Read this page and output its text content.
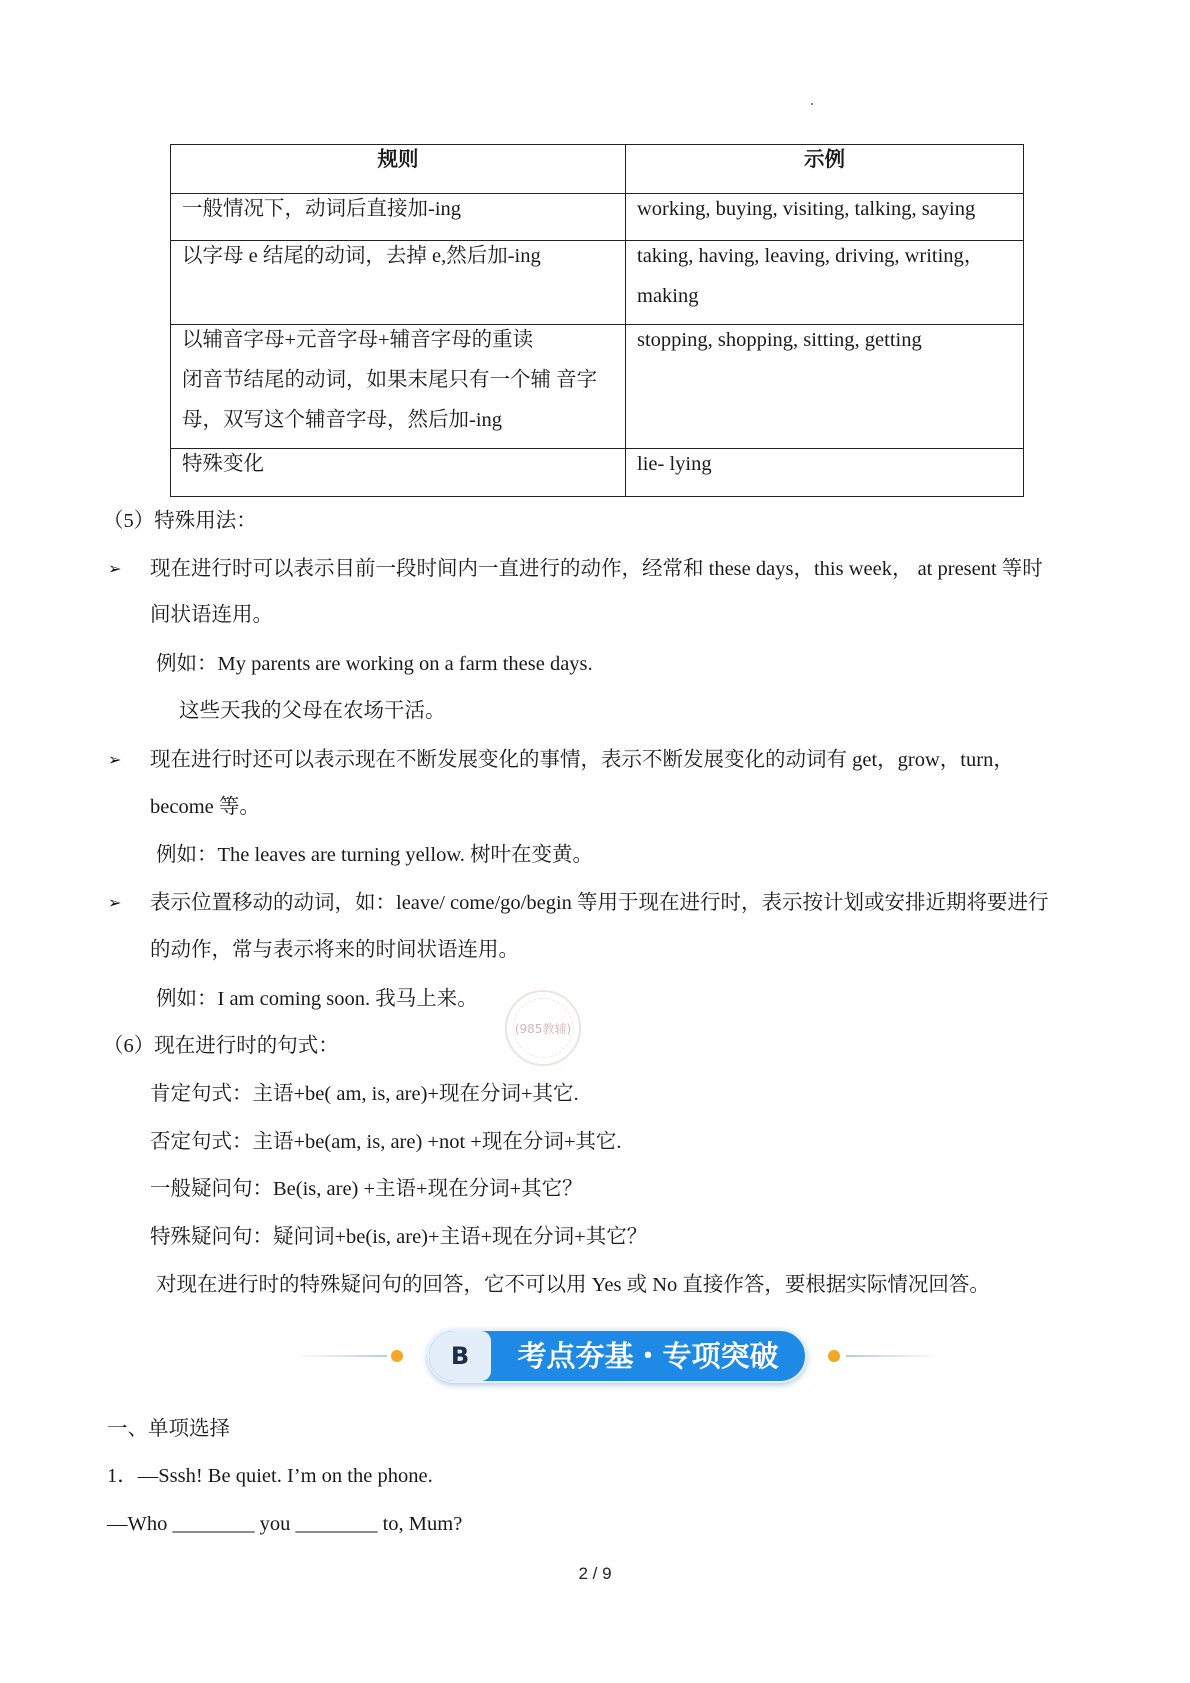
规则	示例

一般情况下，动词后直接加-ing	working, buying, visiting, talking, saying

以字母 e 结尾的动词，去掉 e,然后加-ing	taking, having, leaving, driving, writing，
making

以辅音字母+元音字母+辅音字母的重读
闭音节结尾的动词，如果末尾只有一个辅 音字
母，双写这个辅音字母，然后加-ing	stopping, shopping, sitting, getting

特殊变化	lie- lying
（5）特殊用法：
➢
现在进行时可以表示目前一段时间内一直进行的动作，经常和 these days，this week， at present 等时
间状语连用。
例如：My parents are working on a farm these days.
这些天我的父母在农场干活。
➢
现在进行时还可以表示现在不断发展变化的事情，表示不断发展变化的动词有 get，grow，turn，
become 等。
例如：The leaves are turning yellow. 树叶在变黄。
➢
表示位置移动的动词，如：leave/ come/go/begin 等用于现在进行时，表示按计划或安排近期将要进行
的动作，常与表示将来的时间状语连用。
例如：I am coming soon. 我马上来。
(985教辅)
（6）现在进行时的句式：
肯定句式：主语+be( am, is, are)+现在分词+其它.
否定句式：主语+be(am, is, are) +not +现在分词+其它.
一般疑问句：Be(is, are) +主语+现在分词+其它？
特殊疑问句：疑问词+be(is, are)+主语+现在分词+其它？
对现在进行时的特殊疑问句的回答，它不可以用 Yes 或 No 直接作答，要根据实际情况回答。
B	考点夯基・专项突破
一、单项选择
1．—Sssh! Be quiet. I’m on the phone.
—Who ________ you ________ to, Mum?
2 / 9
